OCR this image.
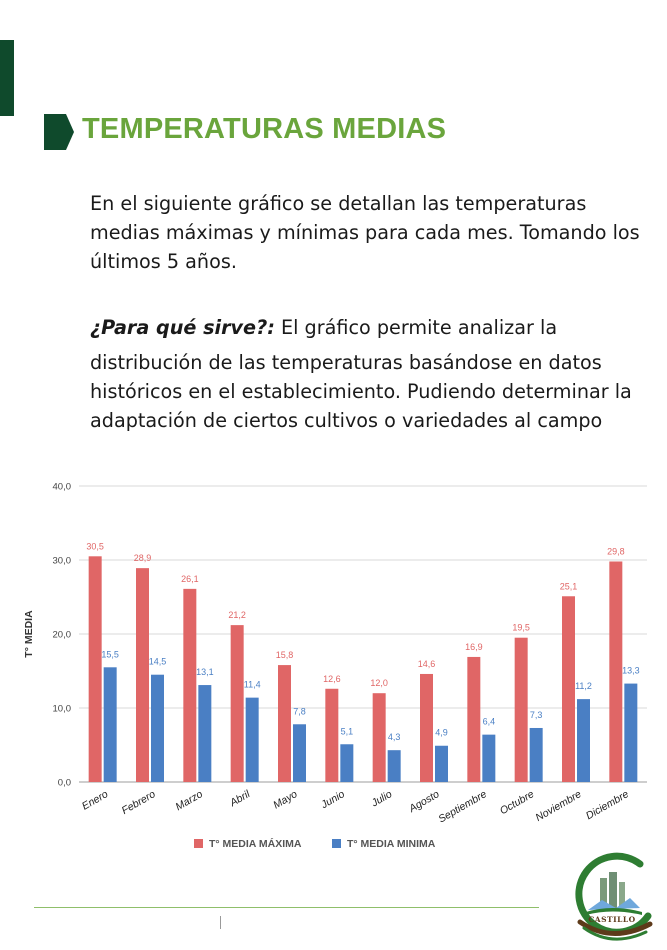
TEMPERATURAS MEDIAS
En el siguiente gráfico se detallan las temperaturas
medias máximas y mínimas para cada mes. Tomando los
últimos 5 años.
¿Para qué sirve?: El gráfico permite analizar la
distribución de las temperaturas basándose en datos
históricos en el establecimiento. Pudiendo determinar la
adaptación de ciertos cultivos o variedades al campo
0,0
10,0
20,0
30,0
40,0
T° MEDIA
30,5
15,5
Enero
28,9
14,5
Febrero
26,1
13,1
Marzo
21,2
11,4
Abril
15,8
7,8
Mayo
12,6
5,1
Junio
12,0
4,3
Julio
14,6
4,9
Agosto
16,9
6,4
Septiembre
19,5
7,3
Octubre
25,1
11,2
Noviembre
29,8
13,3
Diciembre
T° MEDIA MÁXIMA	T° MEDIA MINIMA
CASTILLO
